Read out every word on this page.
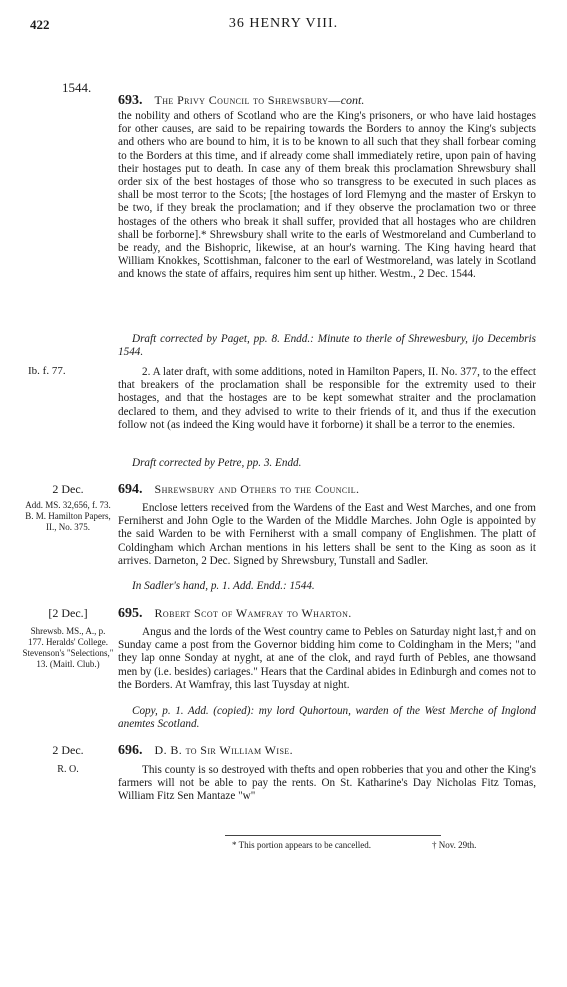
422	36 HENRY VIII.
1544.
693. The Privy Council to Shrewsbury—cont.
the nobility and others of Scotland who are the King's prisoners, or who have laid hostages for other causes, are said to be repairing towards the Borders to annoy the King's subjects and others who are bound to him, it is to be known to all such that they shall forbear coming to the Borders at this time, and if already come shall immediately retire, upon pain of having their hostages put to death. In case any of them break this proclamation Shrewsbury shall order six of the best hostages of those who so transgress to be executed in such places as shall be most terror to the Scots; [the hostages of lord Flemyng and the master of Erskyn to be two, if they break the proclamation; and if they observe the proclamation two or three hostages of the others who break it shall suffer, provided that all hostages who are children shall be forborne].* Shrewsbury shall write to the earls of Westmoreland and Cumberland to be ready, and the Bishopric, likewise, at an hour's warning. The King having heard that William Knokkes, Scottishman, falconer to the earl of Westmoreland, was lately in Scotland and knows the state of affairs, requires him sent up hither. Westm., 2 Dec. 1544.
Draft corrected by Paget, pp. 8. Endd.: Minute to therle of Shrewesbury, ijo Decembris 1544.
Ib. f. 77.	2. A later draft, with some additions, noted in Hamilton Papers, II. No. 377, to the effect that breakers of the proclamation shall be responsible for the extremity used to their hostages, and that the hostages are to be kept somewhat straiter and the proclamation declared to them, and they advised to write to their friends of it, and thus if the execution follow not (as indeed the King would have it forborne) it shall be a terror to the enemies.
Draft corrected by Petre, pp. 3. Endd.
2 Dec.
Add. MS. 32,656, f. 73. B. M. Hamilton Papers, II., No. 375.
694. Shrewsbury and Others to the Council.
Enclose letters received from the Wardens of the East and West Marches, and one from Ferniherst and John Ogle to the Warden of the Middle Marches. John Ogle is appointed by the said Warden to be with Ferniherst with a small company of Englishmen. The platt of Coldingham which Archan mentions in his letters shall be sent to the King as soon as it arrives. Darneton, 2 Dec. Signed by Shrewsbury, Tunstall and Sadler.
In Sadler's hand, p. 1. Add. Endd.: 1544.
[2 Dec.]
Shrewsb. MS., A., p. 177. Heralds' College. Stevenson's "Selections," 13. (Maitl. Club.)
695. Robert Scot of Wamfray to Wharton.
Angus and the lords of the West country came to Pebles on Saturday night last,† and on Sunday came a post from the Governor bidding him come to Coldingham in the Mers; "and they lap onne Sonday at nyght, at ane of the clok, and rayd furth of Pebles, ane thowsand men by (i.e. besides) cariages." Hears that the Cardinal abides in Edinburgh and comes not to the Borders. At Wamfray, this last Tuysday at night.
Copy, p. 1. Add. (copied): my lord Quhortoun, warden of the West Merche of Inglond anemtes Scotland.
2 Dec.
R. O.
696. D. B. to Sir William Wise.
This county is so destroyed with thefts and open robberies that you and other the King's farmers will not be able to pay the rents. On St. Katharine's Day Nicholas Fitz Tomas, William Fitz Sen Mantaze "w"
* This portion appears to be cancelled.	† Nov. 29th.
